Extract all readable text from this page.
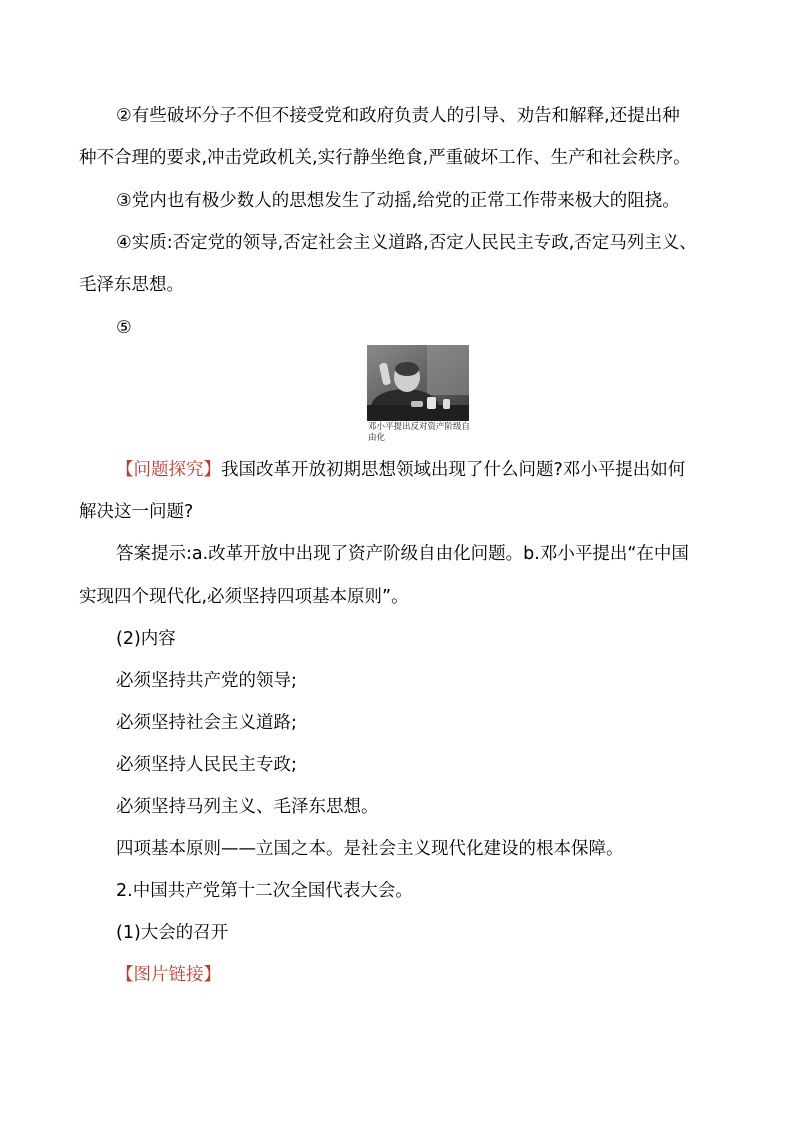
②有些破坏分子不但不接受党和政府负责人的引导、劝告和解释,还提出种
种不合理的要求,冲击党政机关,实行静坐绝食,严重破坏工作、生产和社会秩序。
③党内也有极少数人的思想发生了动摇,给党的正常工作带来极大的阻挠。
④实质:否定党的领导,否定社会主义道路,否定人民民主专政,否定马列主义、
毛泽东思想。
⑤
邓小平提出反对资产阶级自由化
【问题探究】我国改革开放初期思想领域出现了什么问题?邓小平提出如何
解决这一问题?
答案提示:a.改革开放中出现了资产阶级自由化问题。b.邓小平提出“在中国
实现四个现代化,必须坚持四项基本原则”。
(2)内容
必须坚持共产党的领导;
必须坚持社会主义道路;
必须坚持人民民主专政;
必须坚持马列主义、毛泽东思想。
四项基本原则——立国之本。是社会主义现代化建设的根本保障。
2.中国共产党第十二次全国代表大会。
(1)大会的召开
【图片链接】
